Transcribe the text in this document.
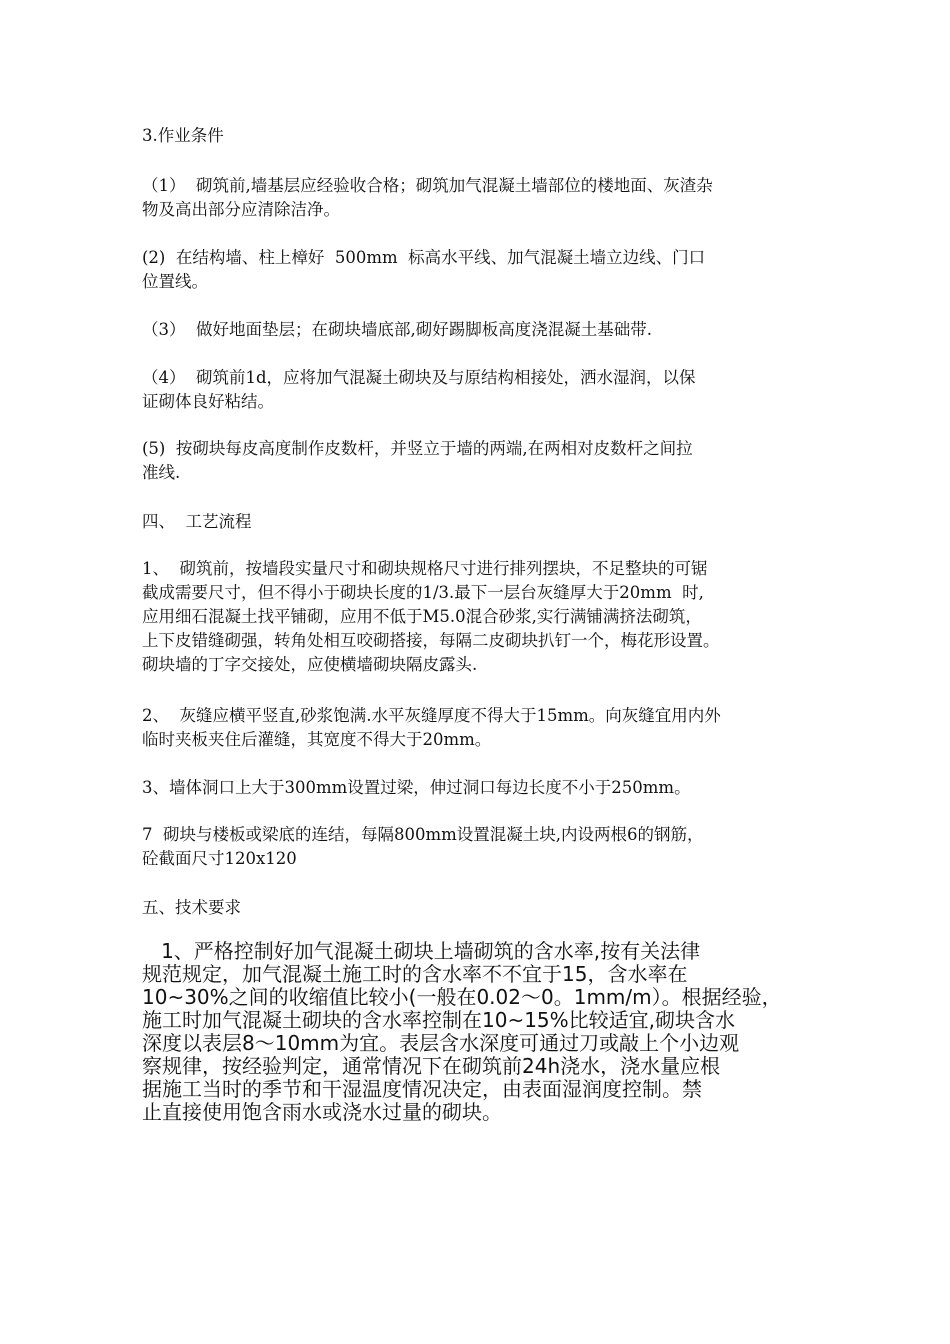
3.作业条件

（1）  砌筑前,墙基层应经验收合格；砌筑加气混凝土墙部位的楼地面、灰渣杂
物及高出部分应清除洁净。

(2)  在结构墙、柱上樟好  500mm  标高水平线、加气混凝土墙立边线、门口
位置线。

（3）  做好地面垫层；在砌块墙底部,砌好踢脚板高度浇混凝土基础带.

（4）  砌筑前1d，应将加气混凝土砌块及与原结构相接处，洒水湿润，以保
证砌体良好粘结。

(5)  按砌块每皮高度制作皮数杆，并竖立于墙的两端,在两相对皮数杆之间拉
准线.

四、  工艺流程

1、  砌筑前，按墙段实量尺寸和砌块规格尺寸进行排列摆块，不足整块的可锯
截成需要尺寸，但不得小于砌块长度的1/3.最下一层台灰缝厚大于20mm  时,
应用细石混凝土找平铺砌，应用不低于M5.0混合砂浆,实行满铺满挤法砌筑，
上下皮错缝砌强，转角处相互咬砌搭接，每隔二皮砌块扒钉一个，梅花形设置。
砌块墙的丁字交接处，应使横墙砌块隔皮露头.

2、  灰缝应横平竖直,砂浆饱满.水平灰缝厚度不得大于15mm。向灰缝宜用内外
临时夹板夹住后灌缝，其宽度不得大于20mm。

3、墙体洞口上大于300mm设置过梁，伸过洞口每边长度不小于250mm。

7  砌块与楼板或梁底的连结，每隔800mm设置混凝土块,内设两根6的钢筋，
砼截面尺寸120x120

五、技术要求

1、严格控制好加气混凝土砌块上墙砌筑的含水率,按有关法律
规范规定，加气混凝土施工时的含水率不不宜于15，含水率在
10~30%之间的收缩值比较小(一般在0.02～0。1mm/m）。根据经验，
施工时加气混凝土砌块的含水率控制在10~15%比较适宜,砌块含水
深度以表层8～10mm为宜。表层含水深度可通过刀或敲上个小边观
察规律，按经验判定，通常情况下在砌筑前24h浇水，浇水量应根
据施工当时的季节和干湿温度情况决定，由表面湿润度控制。禁
止直接使用饱含雨水或浇水过量的砌块。
